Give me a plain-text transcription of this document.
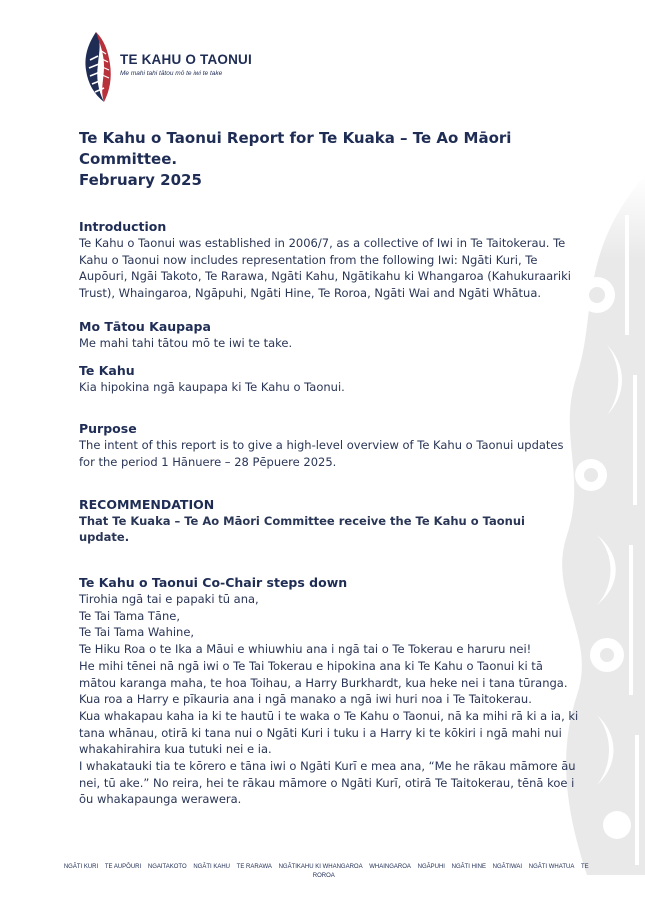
TE KAHU O TAONUI
Me mahi tahi tātou mō te iwi te take
Te Kahu o Taonui Report for Te Kuaka – Te Ao Māori Committee.
February 2025
Introduction

Te Kahu o Taonui was established in 2006/7, as a collective of Iwi in Te Taitokerau. Te Kahu o Taonui now includes representation from the following Iwi: Ngāti Kuri, Te Aupōuri, Ngāi Takoto, Te Rarawa, Ngāti Kahu, Ngātikahu ki Whangaroa (Kahukuraariki Trust), Whaingaroa, Ngāpuhi, Ngāti Hine, Te Roroa, Ngāti Wai and Ngāti Whātua.

Mo Tātou Kaupapa

Me mahi tahi tātou mō te iwi te take.

Te Kahu

Kia hipokina ngā kaupapa ki Te Kahu o Taonui.

Purpose

The intent of this report is to give a high-level overview of Te Kahu o Taonui updates for the period 1 Hānuere – 28 Pēpuere 2025.

RECOMMENDATION

That Te Kuaka – Te Ao Māori Committee receive the Te Kahu o Taonui update.

Te Kahu o Taonui Co-Chair steps down

Tirohia ngā tai e papaki tū ana,

Te Tai Tama Tāne,

Te Tai Tama Wahine,

Te Hiku Roa o te Ika a Māui e whiuwhiu ana i ngā tai o Te Tokerau e haruru nei!

He mihi tēnei nā ngā iwi o Te Tai Tokerau e hipokina ana ki Te Kahu o Taonui ki tā mātou karanga maha, te hoa Toihau, a Harry Burkhardt, kua heke nei i tana tūranga.

Kua roa a Harry e pīkauria ana i ngā manako a ngā iwi huri noa i Te Taitokerau.

Kua whakapau kaha ia ki te hautū i te waka o Te Kahu o Taonui, nā ka mihi rā ki a ia, ki tana whānau, otirā ki tana nui o Ngāti Kuri i tuku i a Harry ki te kōkiri i ngā mahi nui whakahirahira kua tutuki nei e ia.

I whakatauki tia te kōrero e tāna iwi o Ngāti Kurī e mea ana, “Me he rākau māmore āu nei, tū ake.” No reira, hei te rākau māmore o Ngāti Kurī, otirā Te Taitokerau, tēnā koe i ōu whakapaunga werawera.

NGĀTI KURI TE AUPŌURI NGAITAKOTO NGĀTI KAHU TE RARAWA NGĀTIKAHU KI WHANGAROA WHAINGAROA NGĀPUHI NGĀTI HINE NGĀTIWAI NGĀTI WHATUA TE ROROA
